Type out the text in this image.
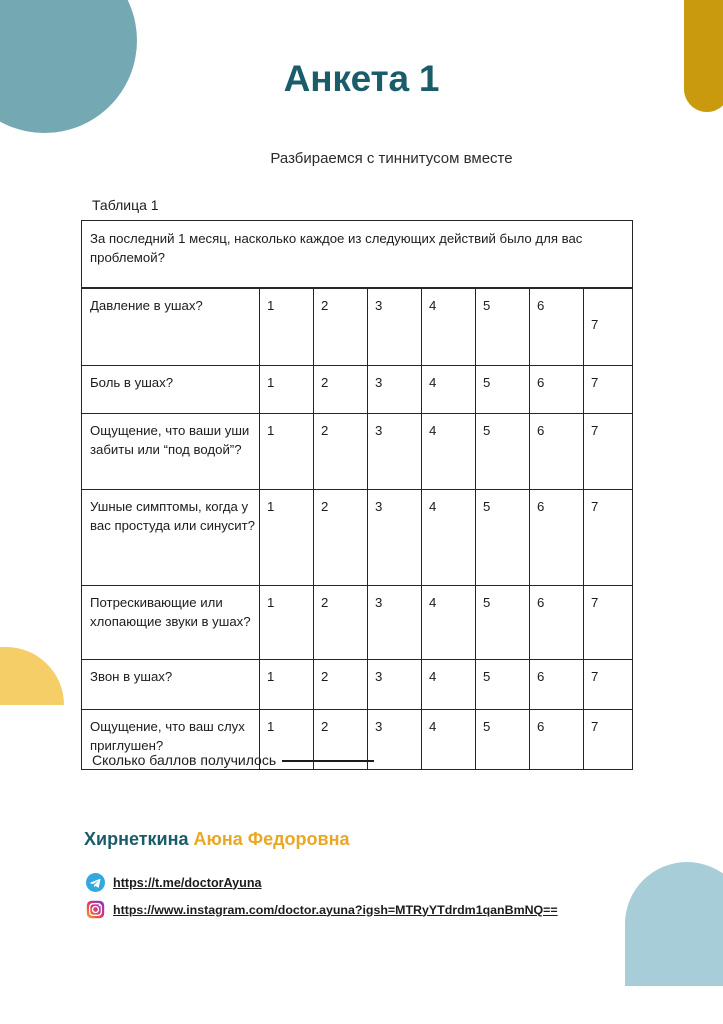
Анкета 1
Разбираемся с тиннитусом вместе
Таблица 1
За последний 1 месяц, насколько каждое из следующих действий было для вас проблемой?							
Давление в ушах?	1	2	3	4	5	6	7
Боль в ушах?	1	2	3	4	5	6	7
Ощущение, что ваши уши забиты или “под водой”?	1	2	3	4	5	6	7
Ушные симптомы, когда у вас простуда или синусит?	1	2	3	4	5	6	7
Потрескивающие или хлопающие звуки в ушах?	1	2	3	4	5	6	7
Звон в ушах?	1	2	3	4	5	6	7
Ощущение, что ваш слух приглушен?	1	2	3	4	5	6	7
Сколько баллов получилось
Хирнеткина Аюна Федоровна
https://t.me/doctorAyuna
https://www.instagram.com/doctor.ayuna?igsh=MTRyYTdrdm1qanBmNQ==
